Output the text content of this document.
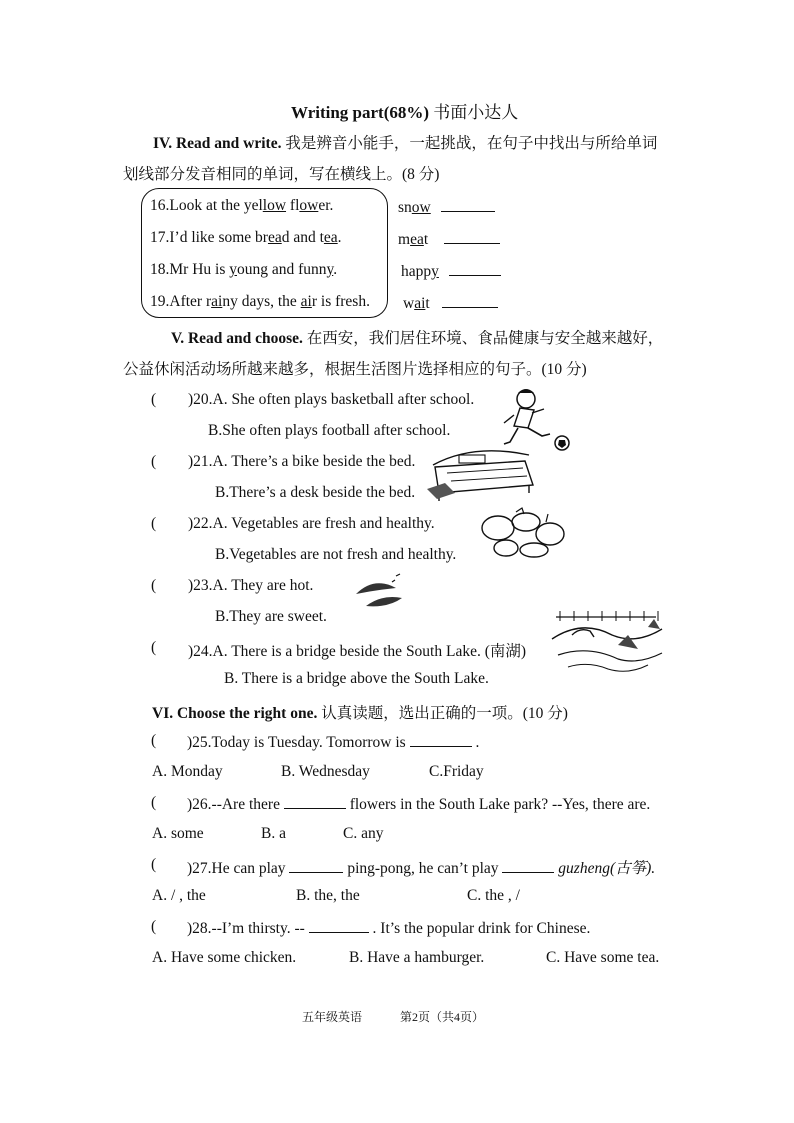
Writing part(68%) 书面小达人
IV. Read and write. 我是辨音小能手，一起挑战，在句子中找出与所给单词
划线部分发音相同的单词，写在横线上。(8 分)
16.Look at the yellow flower.	snow
17.I’d like some bread and tea.	meat
18.Mr Hu is young and funny.	happy
19.After rainy days, the air is fresh. wait
V. Read and choose. 在西安，我们居住环境、食品健康与安全越来越好，
公益休闲活动场所越来越多，根据生活图片选择相应的句子。(10 分)
( )20.A. She often plays basketball after school.
B.She often plays football after school.
( )21.A. There’s a bike beside the bed.
B.There’s a desk beside the bed.
( )22.A. Vegetables are fresh and healthy.
B.Vegetables are not fresh and healthy.
( )23.A. They are hot.
B.They are sweet.
( )24.A. There is a bridge beside the South Lake. (南湖)
B. There is a bridge above the South Lake.
VI. Choose the right one. 认真读题，选出正确的一项。(10 分)
( )25.Today is Tuesday. Tomorrow is	.
A. Monday	B. Wednesday	C.Friday
( )26.--Are there	flowers in the South Lake park? --Yes, there are.
A. some	B. a	C. any
( )27.He can play	ping-pong, he can’t play	guzheng(古筝).
A. / , the	B. the, the	C. the , /
( )28.--I’m thirsty. --	. It’s the popular drink for Chinese.
A. Have some chicken.	B. Have a hamburger.	C. Have some tea.
五年级英语	第2页（共4页）
